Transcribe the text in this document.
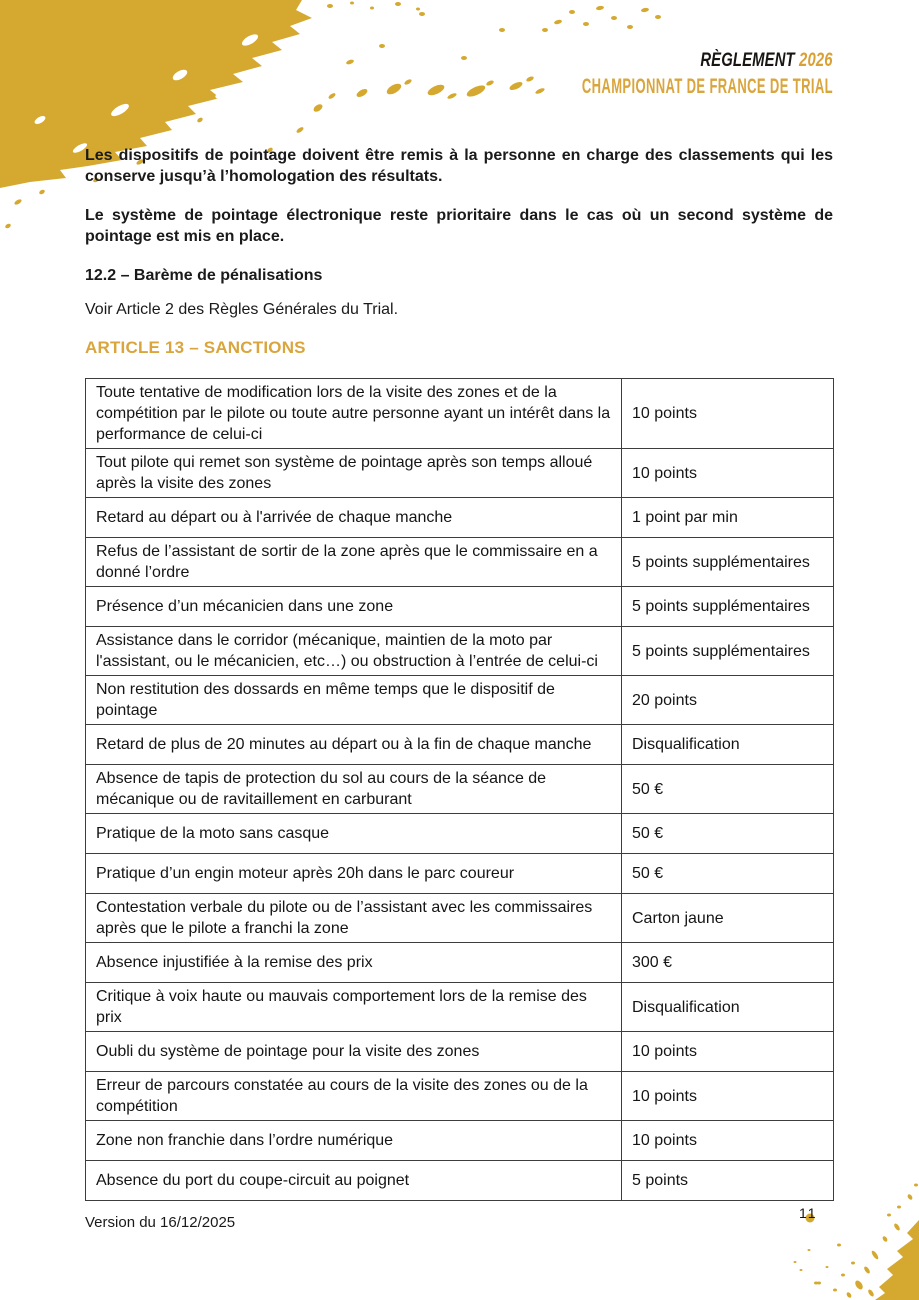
RÈGLEMENT 2026
CHAMPIONNAT DE FRANCE DE TRIAL

Les dispositifs de pointage doivent être remis à la personne en charge des classements qui les conserve jusqu’à l’homologation des résultats.

Le système de pointage électronique reste prioritaire dans le cas où un second système de pointage est mis en place.

12.2 – Barème de pénalisations

Voir Article 2 des Règles Générales du Trial.

ARTICLE 13 – SANCTIONS
Toute tentative de modification lors de la visite des zones et de la compétition par le pilote ou toute autre personne ayant un intérêt dans la performance de celui-ci	10 points
Tout pilote qui remet son système de pointage après son temps alloué après la visite des zones	10 points
Retard au départ ou à l'arrivée de chaque manche	1 point par min
Refus de l’assistant de sortir de la zone après que le commissaire en a donné l’ordre	5 points supplémentaires
Présence d’un mécanicien dans une zone	5 points supplémentaires
Assistance dans le corridor (mécanique, maintien de la moto par l'assistant, ou le mécanicien, etc…) ou obstruction à l’entrée de celui-ci	5 points supplémentaires
Non restitution des dossards en même temps que le dispositif de pointage	20 points
Retard de plus de 20 minutes au départ ou à la fin de chaque manche	Disqualification
Absence de tapis de protection du sol au cours de la séance de mécanique ou de ravitaillement en carburant	50 €
Pratique de la moto sans casque	50 €
Pratique d’un engin moteur après 20h dans le parc coureur	50 €
Contestation verbale du pilote ou de l’assistant avec les commissaires après que le pilote a franchi la zone	Carton jaune
Absence injustifiée à la remise des prix	300 €
Critique à voix haute ou mauvais comportement lors de la remise des prix	Disqualification
Oubli du système de pointage pour la visite des zones	10 points
Erreur de parcours constatée au cours de la visite des zones ou de la compétition	10 points
Zone non franchie dans l’ordre numérique	10 points
Absence du port du coupe-circuit au poignet	5 points
Version du 16/12/2025
11
